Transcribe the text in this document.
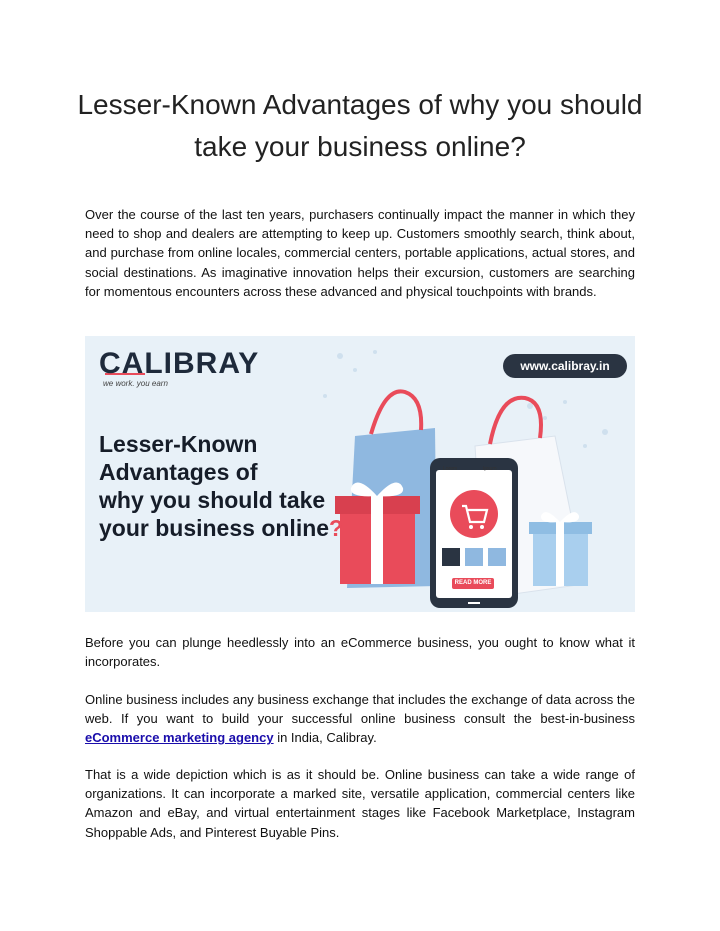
Lesser-Known Advantages of why you should take your business online?

Over the course of the last ten years, purchasers continually impact the manner in which they need to shop and dealers are attempting to keep up. Customers smoothly search, think about, and purchase from online locales, commercial centers, portable applications, actual stores, and social destinations. As imaginative innovation helps their excursion, customers are searching for momentous encounters across these advanced and physical touchpoints with brands.

CALIBRAY
we work. you earn
www.calibray.in
Lesser-Known
Advantages of
why you should take
your business online?
Lorem	Ipsum
READ MORE

Before you can plunge heedlessly into an eCommerce business, you ought to know what it incorporates.

Online business includes any business exchange that includes the exchange of data across the web. If you want to build your successful online business consult the best-in-business eCommerce marketing agency in India, Calibray.

That is a wide depiction which is as it should be. Online business can take a wide range of organizations. It can incorporate a marked site, versatile application, commercial centers like Amazon and eBay, and virtual entertainment stages like Facebook Marketplace, Instagram Shoppable Ads, and Pinterest Buyable Pins.
